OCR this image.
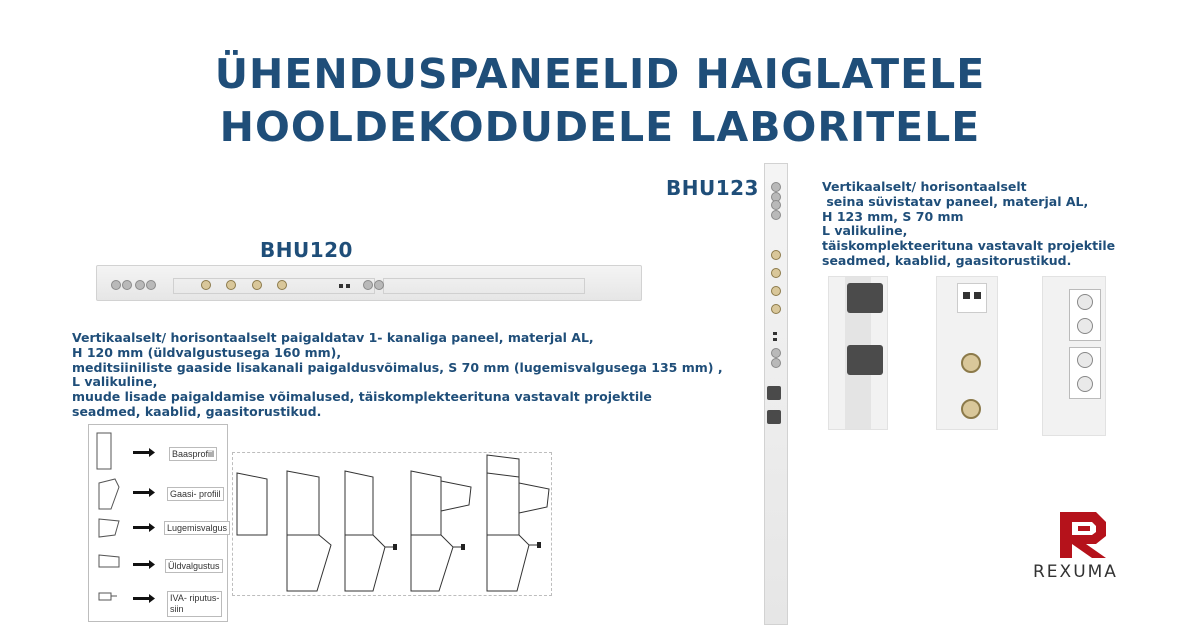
ÜHENDUSPANEELID HAIGLATELE
HOOLDEKODUDELE LABORITELE
BHU120
Vertikaalselt/ horisontaalselt paigaldatav 1- kanaliga paneel, materjal AL,
H 120 mm (üldvalgustusega 160 mm),
meditsiiniliste gaaside lisakanali paigaldusvõimalus, S 70 mm (lugemisvalgusega 135 mm) ,
L valikuline,
muude lisade paigaldamise võimalused, täiskomplekteerituna vastavalt projektile
seadmed, kaablid, gaasitorustikud.
Baasprofiil
Gaasi- profiil
Lugemisvalgus
Üldvalgustus
IVA- riputus-
siin
BHU123	Vertikaalselt/ horisontaalselt
seina süvistatav paneel, materjal AL,
H 123 mm, S 70 mm
L valikuline,
täiskomplekteerituna vastavalt projektile
seadmed, kaablid, gaasitorustikud.
REXUMA
